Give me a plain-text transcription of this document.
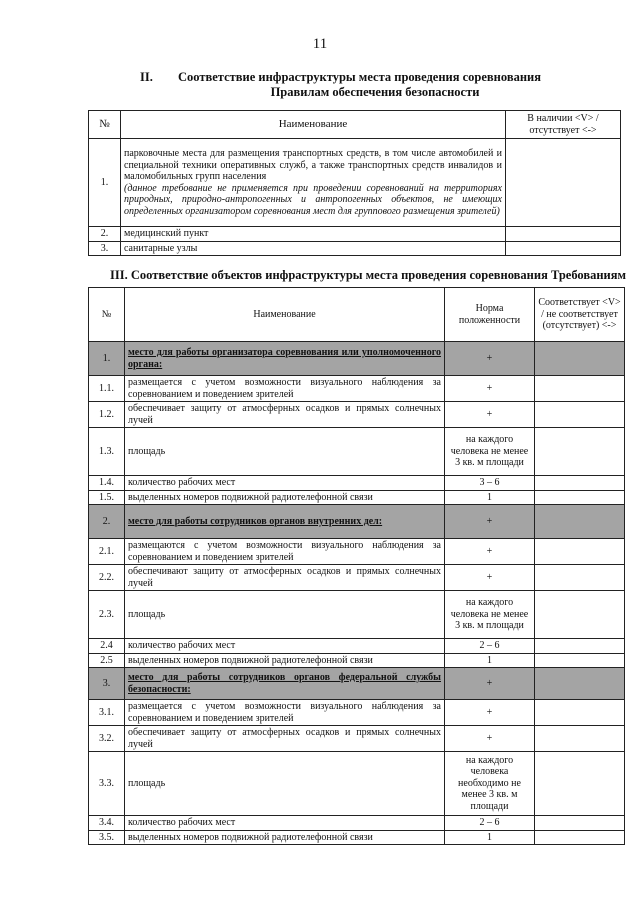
11
II. Соответствие инфраструктуры места проведения соревнования
Правилам обеспечения безопасности
№	Наименование	В наличии <V> / отсутствует <->
1.	парковочные места для размещения транспортных средств, в том числе автомобилей и специальной техники оперативных служб, а также транспортных средств инвалидов и маломобильных групп населения
(данное требование не применяется при проведении соревнований на территориях природных, природно-антропогенных и антропогенных объектов, не имеющих определенных организатором соревнования мест для группового размещения зрителей)	
2.	медицинский пункт	
3.	санитарные узлы	
III. Соответствие объектов инфраструктуры места проведения соревнования Требованиям
№	Наименование	Норма положенности	Соответствует <V> / не соответствует (отсутствует) <->
1.	место для работы организатора соревнования или уполномоченного органа:	+	
1.1.	размещается с учетом возможности визуального наблюдения за соревнованием и поведением зрителей	+	
1.2.	обеспечивает защиту от атмосферных осадков и прямых солнечных лучей	+	
1.3.	площадь	на каждого человека не менее 3 кв. м площади	
1.4.	количество рабочих мест	3 – 6	
1.5.	выделенных номеров подвижной радиотелефонной связи	1	
2.	место для работы сотрудников органов внутренних дел:	+	
2.1.	размещаются с учетом возможности визуального наблюдения за соревнованием и поведением зрителей	+	
2.2.	обеспечивают защиту от атмосферных осадков и прямых солнечных лучей	+	
2.3.	площадь	на каждого человека не менее 3 кв. м площади	
2.4	количество рабочих мест	2 – 6	
2.5	выделенных номеров подвижной радиотелефонной связи	1	
3.	место для работы сотрудников органов федеральной службы безопасности:	+	
3.1.	размещается с учетом возможности визуального наблюдения за соревнованием и поведением зрителей	+	
3.2.	обеспечивает защиту от атмосферных осадков и прямых солнечных лучей	+	
3.3.	площадь	на каждого человека необходимо не менее 3 кв. м площади	
3.4.	количество рабочих мест	2 – 6	
3.5.	выделенных номеров подвижной радиотелефонной связи	1	
